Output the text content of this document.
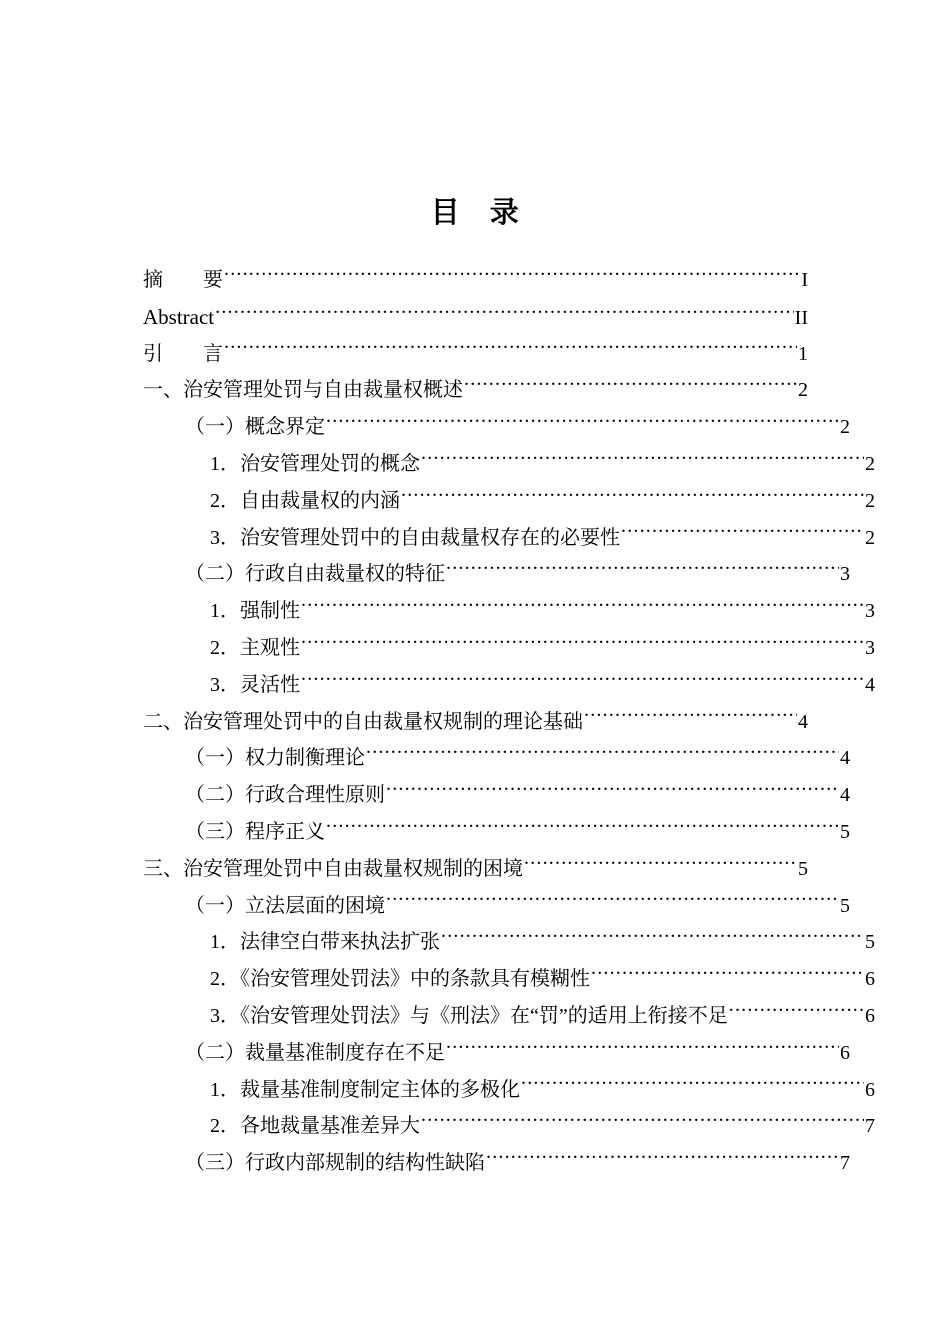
目　录
摘　　要 .....	I
Abstract .....	II
引　　言 .....	1
一、治安管理处罚与自由裁量权概述 .....	2
（一）概念界定 .....	2
1．治安管理处罚的概念 .....	2
2．自由裁量权的内涵 .....	2
3．治安管理处罚中的自由裁量权存在的必要性 .....	2
（二）行政自由裁量权的特征 .....	3
1．强制性 .....	3
2．主观性 .....	3
3．灵活性 .....	4
二、治安管理处罚中的自由裁量权规制的理论基础 .....	4
（一）权力制衡理论 .....	4
（二）行政合理性原则 .....	4
（三）程序正义 .....	5
三、治安管理处罚中自由裁量权规制的困境 .....	5
（一）立法层面的困境 .....	5
1．法律空白带来执法扩张 .....	5
2．《治安管理处罚法》中的条款具有模糊性 .....	6
3．《治安管理处罚法》与《刑法》在“罚”的适用上衔接不足 .....	6
（二）裁量基准制度存在不足 .....	6
1．裁量基准制度制定主体的多极化 .....	6
2．各地裁量基准差异大 .....	7
（三）行政内部规制的结构性缺陷 .....	7
